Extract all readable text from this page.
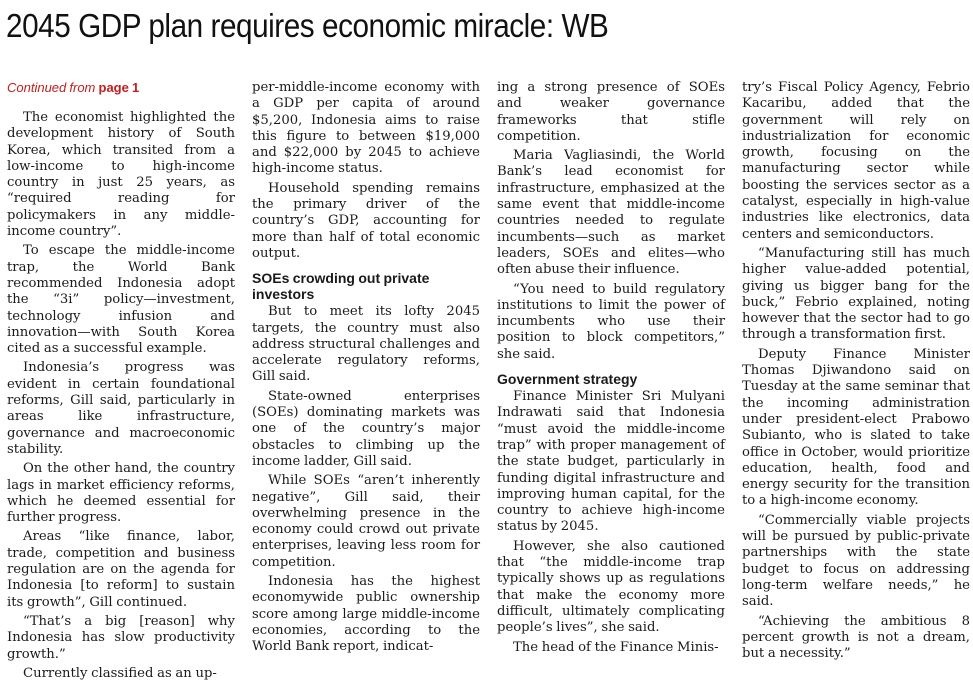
2045 GDP plan requires economic miracle: WB
Continued from page 1

The economist highlighted the development history of South Korea, which transited from a low-income to high-income country in just 25 years, as “required reading for policymakers in any middle-income country”.

To escape the middle-income trap, the World Bank recommended Indonesia adopt the “3i” policy—investment, technology infusion and innovation—with South Korea cited as a successful example.

Indonesia’s progress was evident in certain foundational reforms, Gill said, particularly in areas like infrastructure, governance and macroeconomic stability.

On the other hand, the country lags in market efficiency reforms, which he deemed essential for further progress.

Areas “like finance, labor, trade, competition and business regulation are on the agenda for Indonesia [to reform] to sustain its growth”, Gill continued.

“That’s a big [reason] why Indonesia has slow productivity growth.”

Currently classified as an up-

per-middle-income economy with a GDP per capita of around $5,200, Indonesia aims to raise this figure to between $19,000 and $22,000 by 2045 to achieve high-income status.

Household spending remains the primary driver of the country’s GDP, accounting for more than half of total economic output.

SOEs crowding out private investors

But to meet its lofty 2045 targets, the country must also address structural challenges and accelerate regulatory reforms, Gill said.

State-owned enterprises (SOEs) dominating markets was one of the country’s major obstacles to climbing up the income ladder, Gill said.

While SOEs “aren’t inherently negative”, Gill said, their overwhelming presence in the economy could crowd out private enterprises, leaving less room for competition.

Indonesia has the highest economywide public ownership score among large middle-income economies, according to the World Bank report, indicat-

ing a strong presence of SOEs and weaker governance frameworks that stifle competition.

Maria Vagliasindi, the World Bank’s lead economist for infrastructure, emphasized at the same event that middle-income countries needed to regulate incumbents—such as market leaders, SOEs and elites—who often abuse their influence.

“You need to build regulatory institutions to limit the power of incumbents who use their position to block competitors,” she said.

Government strategy

Finance Minister Sri Mulyani Indrawati said that Indonesia “must avoid the middle-income trap” with proper management of the state budget, particularly in funding digital infrastructure and improving human capital, for the country to achieve high-income status by 2045.

However, she also cautioned that “the middle-income trap typically shows up as regulations that make the economy more difficult, ultimately complicating people’s lives”, she said.

The head of the Finance Minis-

try’s Fiscal Policy Agency, Febrio Kacaribu, added that the government will rely on industrialization for economic growth, focusing on the manufacturing sector while boosting the services sector as a catalyst, especially in high-value industries like electronics, data centers and semiconductors.

“Manufacturing still has much higher value-added potential, giving us bigger bang for the buck,” Febrio explained, noting however that the sector had to go through a transformation first.

Deputy Finance Minister Thomas Djiwandono said on Tuesday at the same seminar that the incoming administration under president-elect Prabowo Subianto, who is slated to take office in October, would prioritize education, health, food and energy security for the transition to a high-income economy.

“Commercially viable projects will be pursued by public-private partnerships with the state budget to focus on addressing long-term welfare needs,” he said.

“Achieving the ambitious 8 percent growth is not a dream, but a necessity.”
